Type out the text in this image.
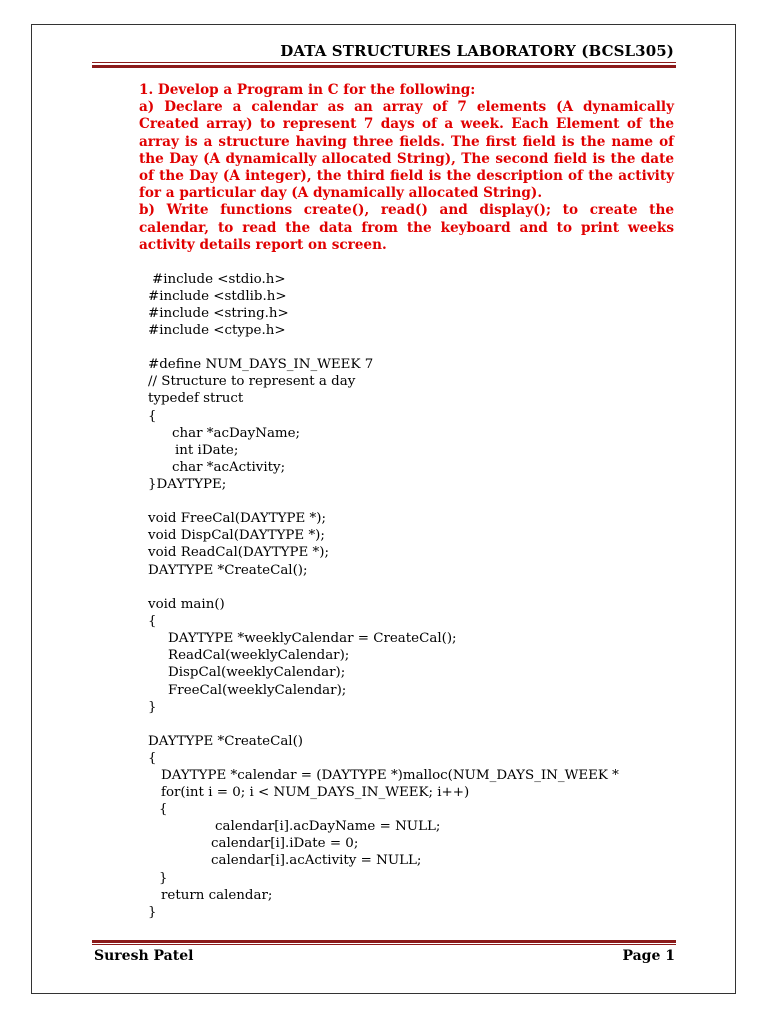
DATA STRUCTURES LABORATORY (BCSL305)
1. Develop a Program in C for the following:
a) Declare a calendar as an array of 7 elements (A dynamically Created array) to represent 7 days of a week. Each Element of the array is a structure having three fields. The first field is the name of the Day (A dynamically allocated String), The second field is the date of the Day (A integer), the third field is the description of the activity for a particular day (A dynamically allocated String).
b) Write functions create(), read() and display(); to create the calendar, to read the data from the keyboard and to print weeks activity details report on screen.
#include <stdio.h>
#include <stdlib.h>
#include <string.h>
#include <ctype.h>
#define NUM_DAYS_IN_WEEK 7
// Structure to represent a day
typedef struct
{
char *acDayName;
int iDate;
char *acActivity;
}DAYTYPE;
void FreeCal(DAYTYPE *);
void DispCal(DAYTYPE *);
void ReadCal(DAYTYPE *);
DAYTYPE *CreateCal();
void main()
{
DAYTYPE *weeklyCalendar = CreateCal();
ReadCal(weeklyCalendar);
DispCal(weeklyCalendar);
FreeCal(weeklyCalendar);
}
DAYTYPE *CreateCal()
{
DAYTYPE *calendar = (DAYTYPE *)malloc(NUM_DAYS_IN_WEEK *
for(int i = 0; i < NUM_DAYS_IN_WEEK; i++)
{
calendar[i].acDayName = NULL;
calendar[i].iDate = 0;
calendar[i].acActivity = NULL;
}
return calendar;
}
Suresh Patel	Page 1
